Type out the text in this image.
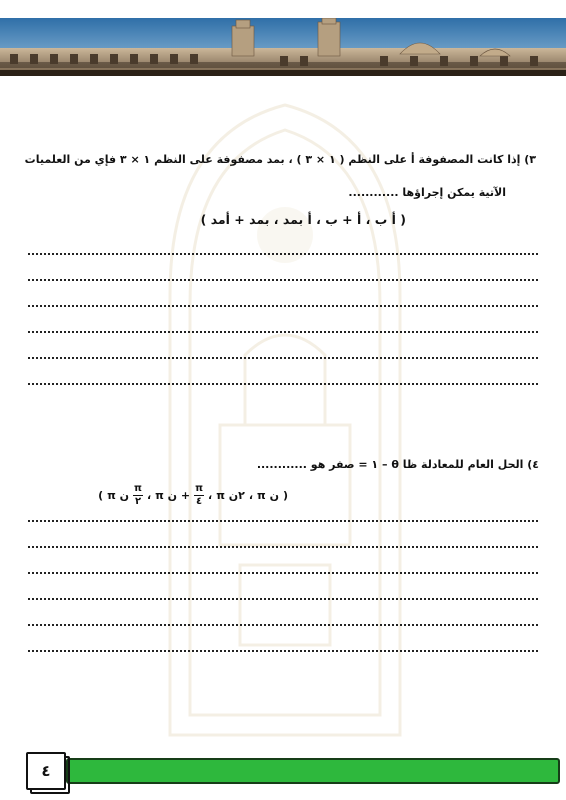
٣) إذا كانت المصفوفة أ على النظم ( ١ × ٣ ) ، بمد مصفوفة على النظم ١ × ٣ فإي من العلميات
الآتية يمكن إجراؤها ............
( أ ب ، أ + ب ، أ بمد ، بمد + أمد )
٤) الحل العام للمعادلة ظا θ – ١ = صفر هو ............
(
ن π
،
٢ن π
،
$\frac{\pi}{٤}$
+ ن π
،
$\frac{\pi}{٢}$
ن π
)
٤
